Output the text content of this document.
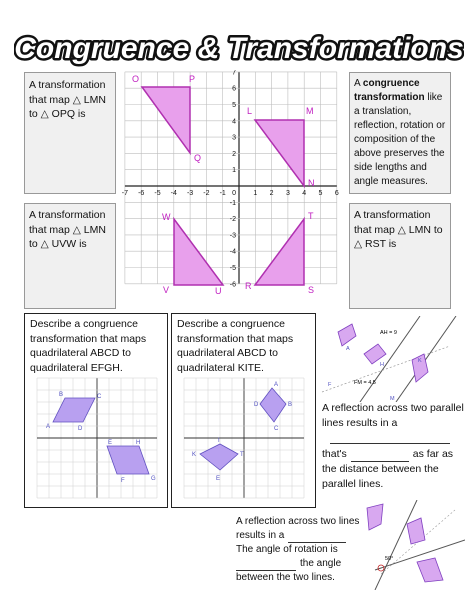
Congruence & Transformations
A transformation that map △ LMN to △ OPQ is
A congruence transformation like a translation, reflection, rotation or composition of the above preserves the side lengths and angle measures.
A transformation that map △ LMN to △ UVW is
A transformation that map △ LMN to △ RST is
-7 -6 -5 -4 -3 -2 -1	1 2 3 4 5 6
7
6
5
4
3
2
1
-1
-2
-3
-4
-5
-6
0
O	P
Q
L	M
N
W
V	U
T
S
R
Describe a congruence transformation that maps quadrilateral ABCD to quadrilateral EFGH.
B	C
A	D
E	H
F	G
Describe a congruence transformation that maps quadrilateral ABCD to quadrilateral KITE.
A
D	B
C
K
I
T
E
AH = 9
FM = 4.5
A
F
H
K
M
A reflection across two parallel lines results in a
that's	as far as
the distance between the parallel lines.
A reflection across two lines
results in a
The angle of rotation is
the angle
between the two lines.
50°
